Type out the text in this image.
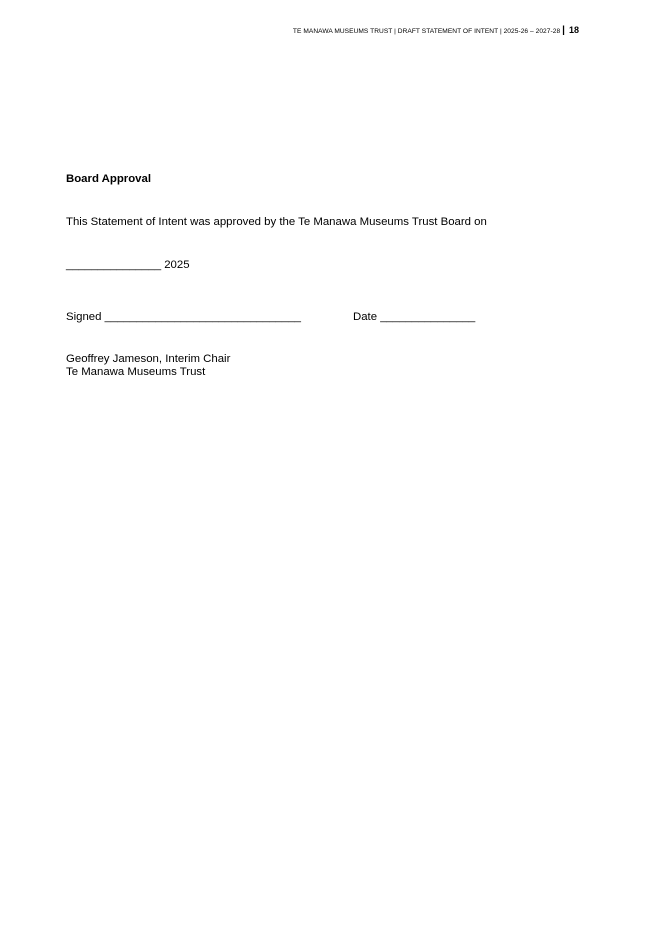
TE MANAWA MUSEUMS TRUST | DRAFT STATEMENT OF INTENT | 2025-26 – 2027-28 | 18
Board Approval
This Statement of Intent was approved by the Te Manawa Museums Trust Board on
_______________ 2025
Signed _______________________________	Date _______________
Geoffrey Jameson, Interim Chair
Te Manawa Museums Trust
